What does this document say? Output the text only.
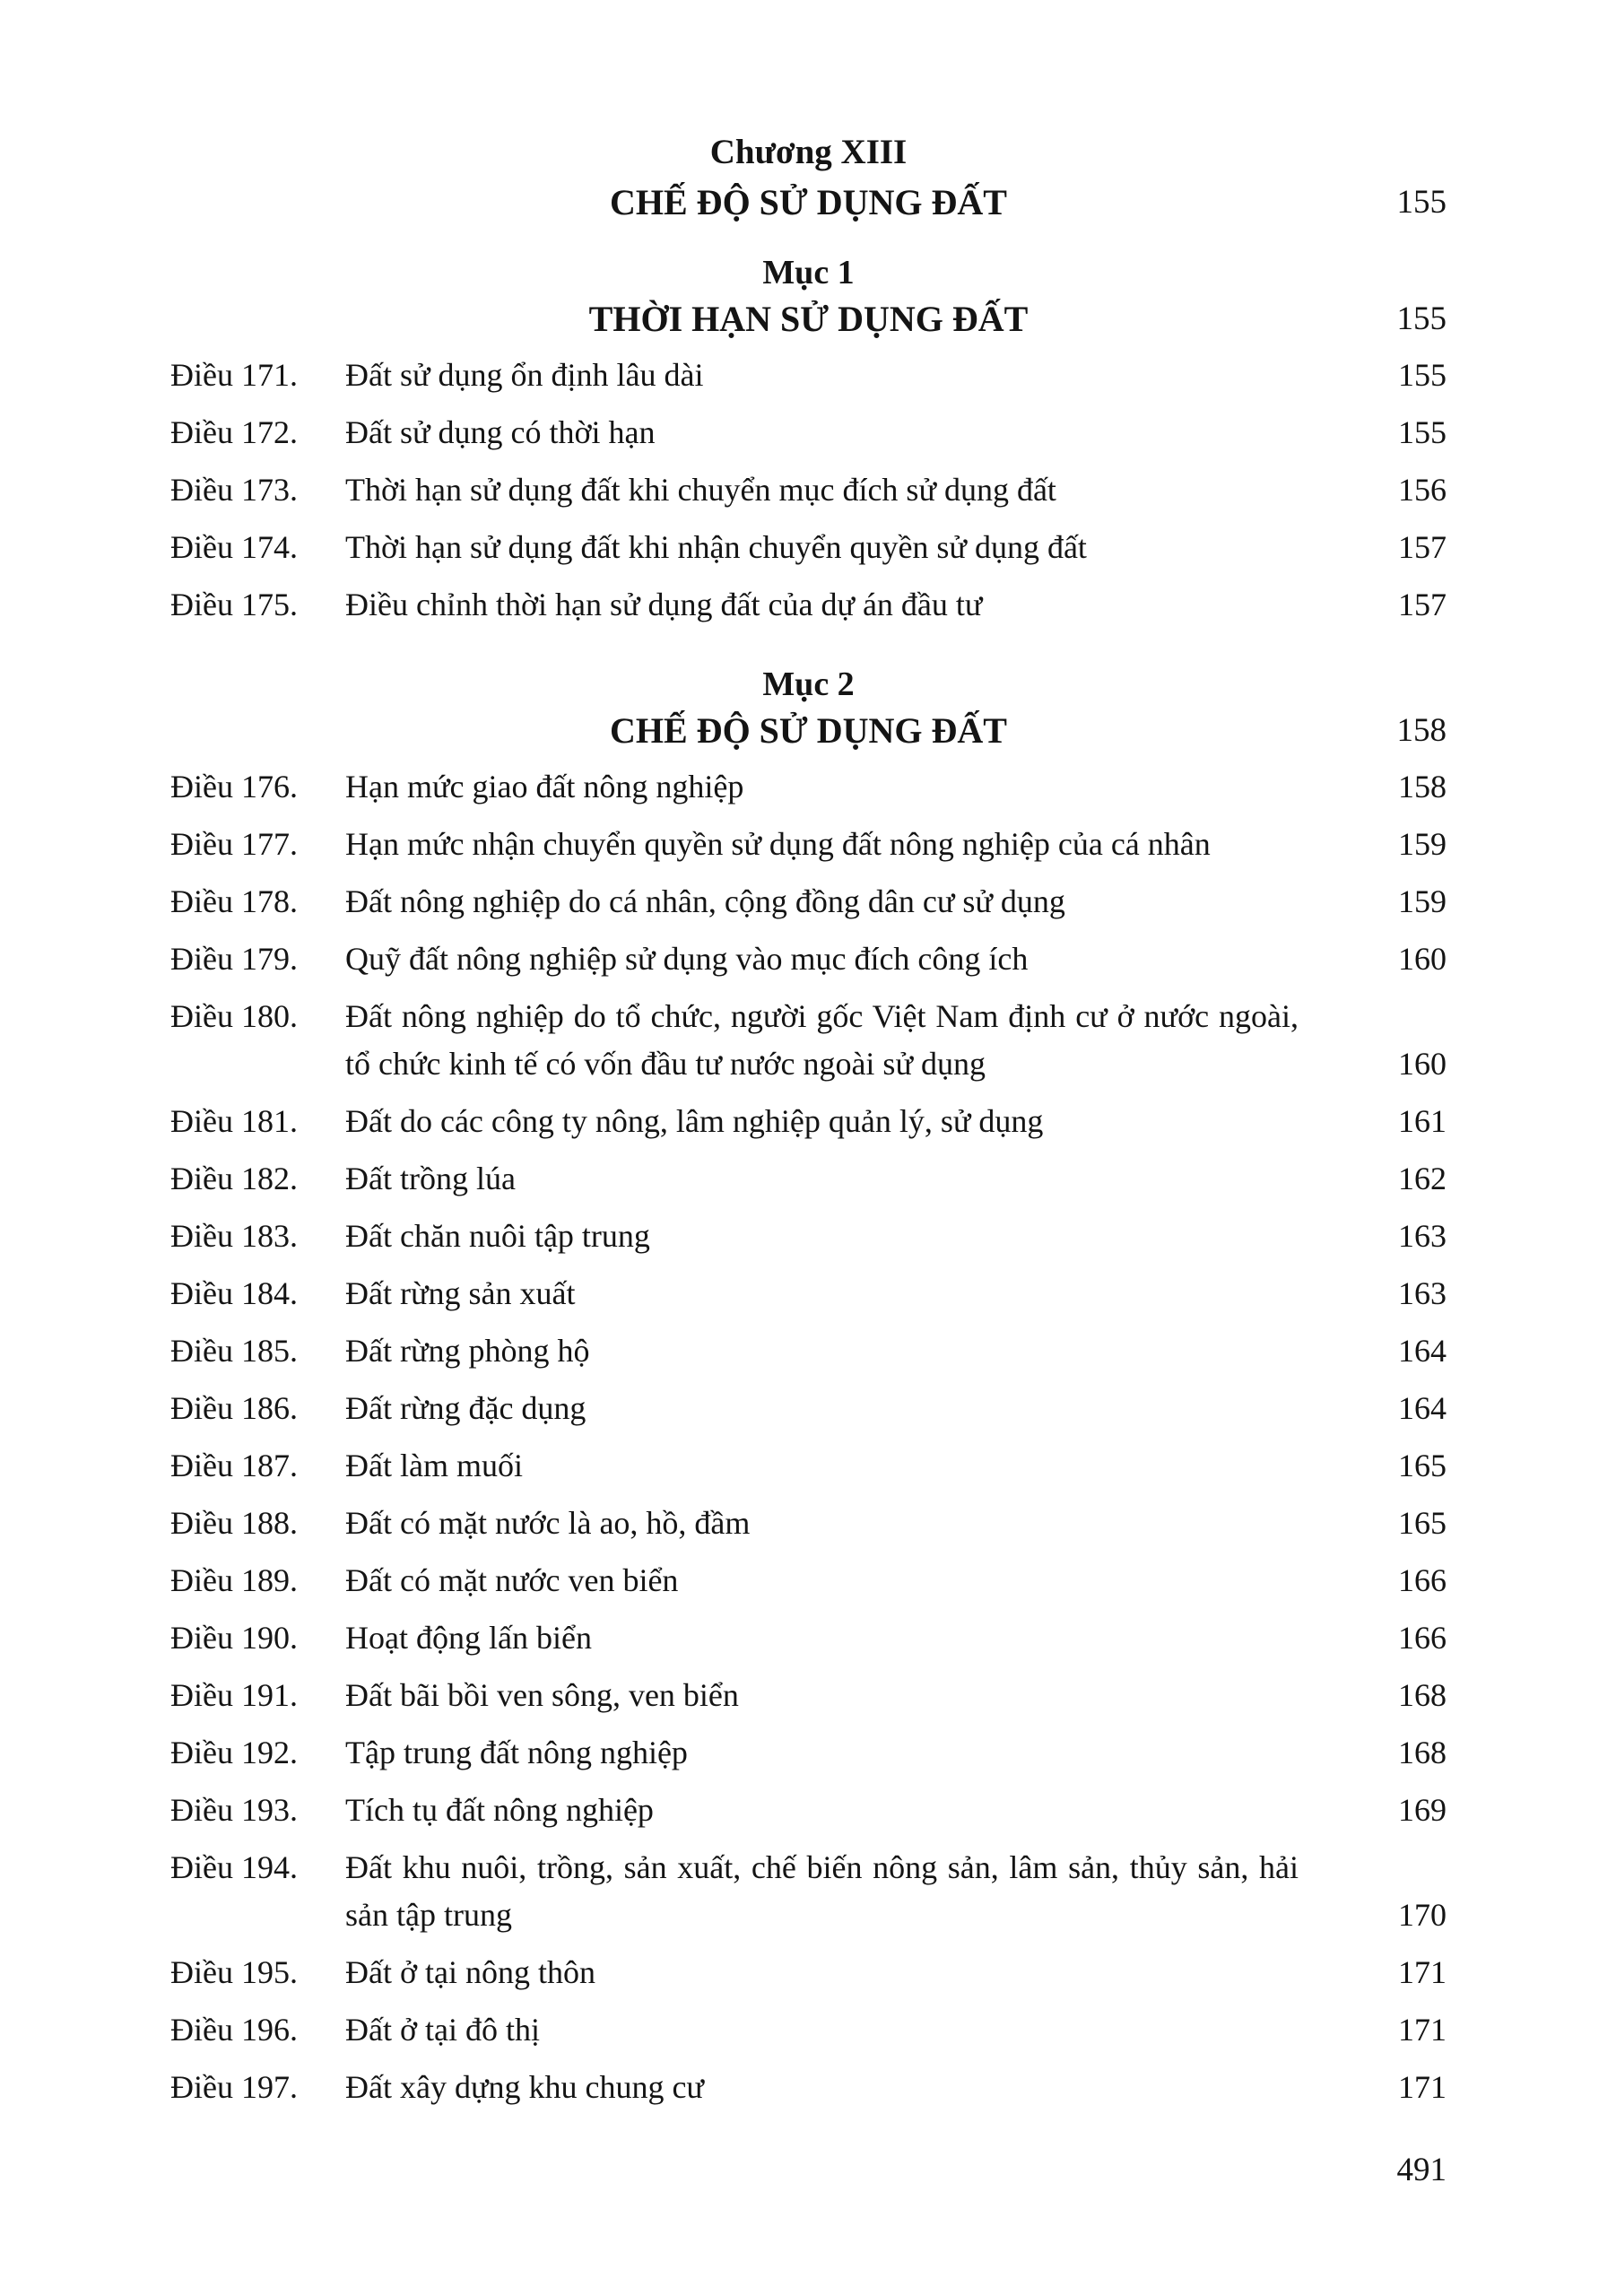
Chương XIII
CHẾ ĐỘ SỬ DỤNG ĐẤT	155
Mục 1
THỜI HẠN SỬ DỤNG ĐẤT	155
Điều 171.	Đất sử dụng ổn định lâu dài	155
Điều 172.	Đất sử dụng có thời hạn	155
Điều 173.	Thời hạn sử dụng đất khi chuyển mục đích sử dụng đất	156
Điều 174.	Thời hạn sử dụng đất khi nhận chuyển quyền sử dụng đất	157
Điều 175.	Điều chỉnh thời hạn sử dụng đất của dự án đầu tư	157
Mục 2
CHẾ ĐỘ SỬ DỤNG ĐẤT	158
Điều 176.	Hạn mức giao đất nông nghiệp	158
Điều 177.	Hạn mức nhận chuyển quyền sử dụng đất nông nghiệp của cá nhân	159
Điều 178.	Đất nông nghiệp do cá nhân, cộng đồng dân cư sử dụng	159
Điều 179.	Quỹ đất nông nghiệp sử dụng vào mục đích công ích	160
Điều 180.	Đất nông nghiệp do tổ chức, người gốc Việt Nam định cư ở nước ngoài, tổ chức kinh tế có vốn đầu tư nước ngoài sử dụng	160
Điều 181.	Đất do các công ty nông, lâm nghiệp quản lý, sử dụng	161
Điều 182.	Đất trồng lúa	162
Điều 183.	Đất chăn nuôi tập trung	163
Điều 184.	Đất rừng sản xuất	163
Điều 185.	Đất rừng phòng hộ	164
Điều 186.	Đất rừng đặc dụng	164
Điều 187.	Đất làm muối	165
Điều 188.	Đất có mặt nước là ao, hồ, đầm	165
Điều 189.	Đất có mặt nước ven biển	166
Điều 190.	Hoạt động lấn biển	166
Điều 191.	Đất bãi bồi ven sông, ven biển	168
Điều 192.	Tập trung đất nông nghiệp	168
Điều 193.	Tích tụ đất nông nghiệp	169
Điều 194.	Đất khu nuôi, trồng, sản xuất, chế biến nông sản, lâm sản, thủy sản, hải sản tập trung	170
Điều 195.	Đất ở tại nông thôn	171
Điều 196.	Đất ở tại đô thị	171
Điều 197.	Đất xây dựng khu chung cư	171
491
